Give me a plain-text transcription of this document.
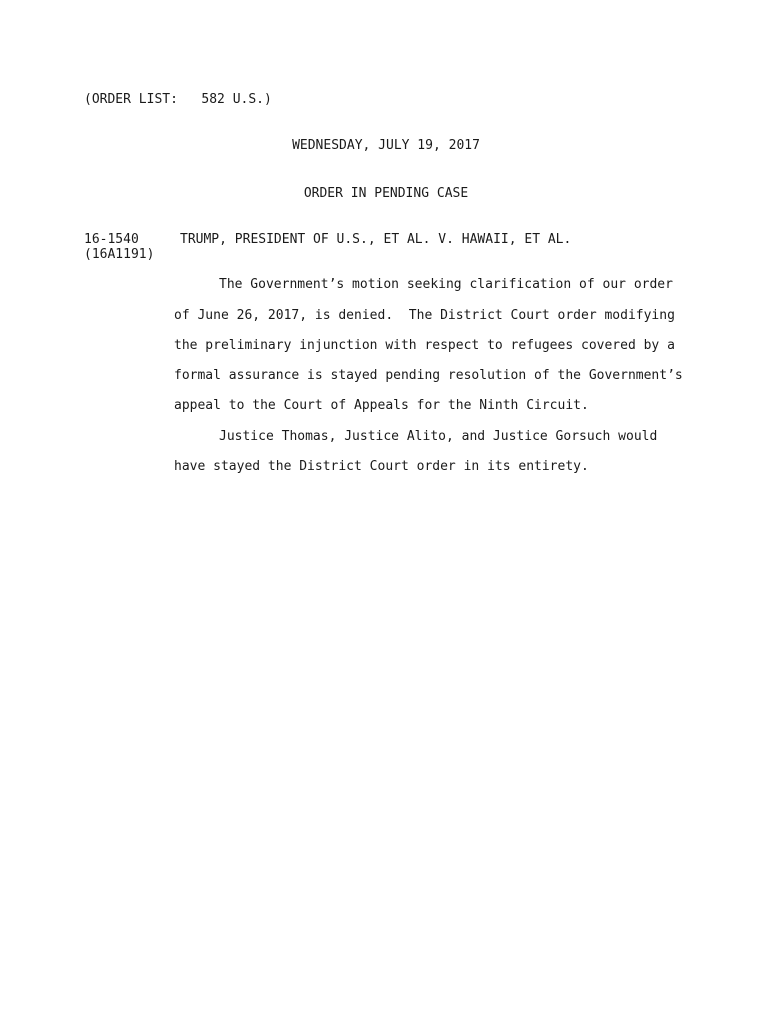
(ORDER LIST:   582 U.S.)
WEDNESDAY, JULY 19, 2017
ORDER IN PENDING CASE
16-1540
(16A1191)
TRUMP, PRESIDENT OF U.S., ET AL. V. HAWAII, ET AL.
The Government’s motion seeking clarification of our order
of June 26, 2017, is denied.  The District Court order modifying
the preliminary injunction with respect to refugees covered by a
formal assurance is stayed pending resolution of the Government’s
appeal to the Court of Appeals for the Ninth Circuit.
Justice Thomas, Justice Alito, and Justice Gorsuch would
have stayed the District Court order in its entirety.
